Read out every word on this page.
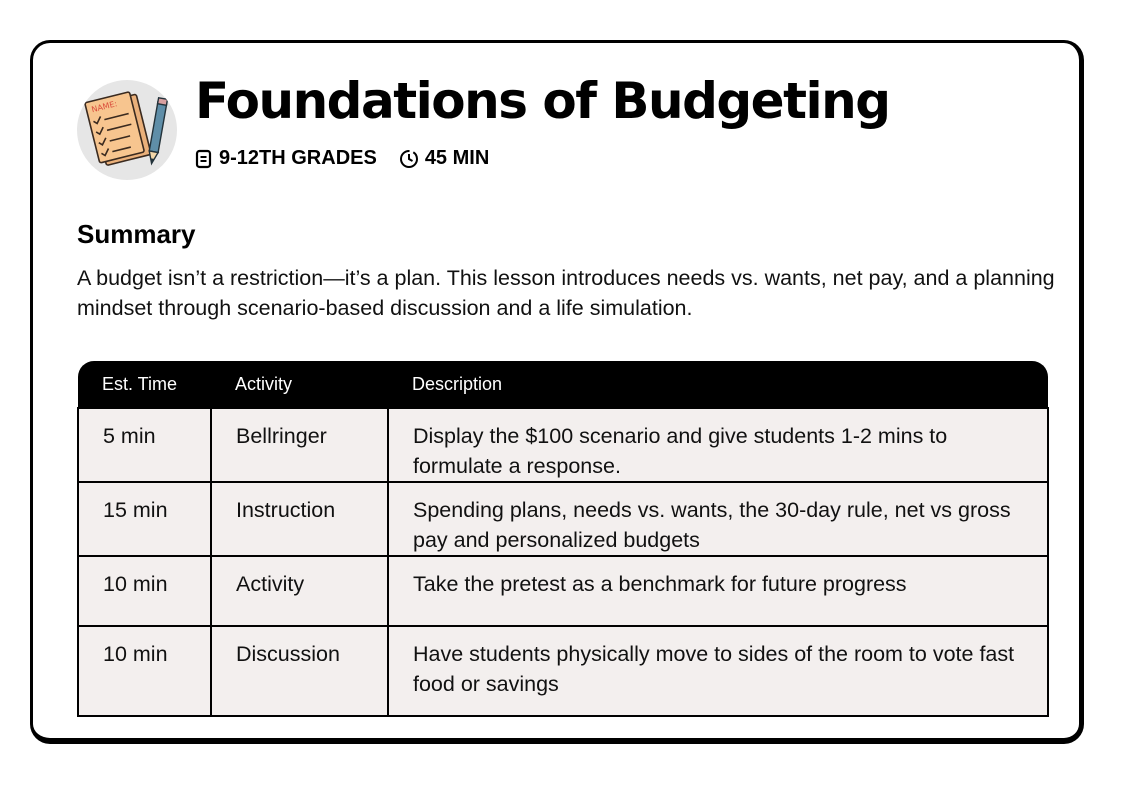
NAME: Foundations of Budgeting
9-12TH GRADES 45 MIN
Summary

A budget isn’t a restriction—it’s a plan. This lesson introduces needs vs. wants, net pay, and a planning mindset through scenario-based discussion and a life simulation.

Est. Time	Activity	Description
5 min	Bellringer	Display the $100 scenario and give students 1-2 mins to formulate a response.
15 min	Instruction	Spending plans, needs vs. wants, the 30-day rule, net vs gross pay and personalized budgets
10 min	Activity	Take the pretest as a benchmark for future progress
10 min	Discussion	Have students physically move to sides of the room to vote fast food or savings
